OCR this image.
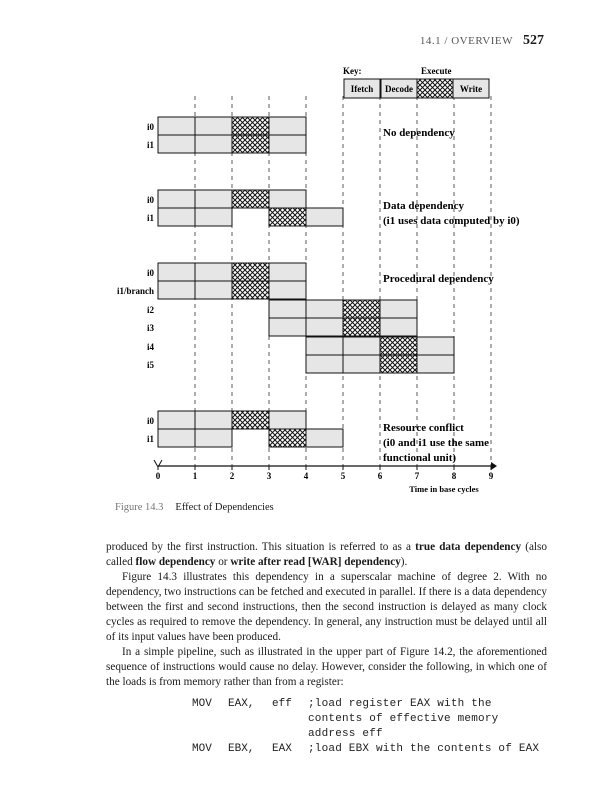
14.1 / OVERVIEW 527
Key:	Execute
Ifetch Decode	Write
i0
i1
No dependency
i0
i1
Data dependency
(i1 uses data computed by i0)
i0
i1/branch
i2
i3
i4
i5
Procedural dependency
i0
i1
Resource conflict
(i0 and i1 use the same
functional unit)
0	1	2	3	4	5	6	7	8	9
Time in base cycles
Figure 14.3 Effect of Dependencies

produced by the first instruction. This situation is referred to as a true data dependency (also called flow dependency or write after read [WAR] dependency).

Figure 14.3 illustrates this dependency in a superscalar machine of degree 2. With no dependency, two instructions can be fetched and executed in parallel. If there is a data dependency between the first and second instructions, then the second instruction is delayed as many clock cycles as required to remove the dependency. In general, any instruction must be delayed until all of its input values have been produced.

In a simple pipeline, such as illustrated in the upper part of Figure 14.2, the aforementioned sequence of instructions would cause no delay. However, consider the following, in which one of the loads is from memory rather than from a register:

MOV	EAX,	eff	;load register EAX with the contents of effective memory address eff
MOV	EBX,	EAX	;load EBX with the contents of EAX
